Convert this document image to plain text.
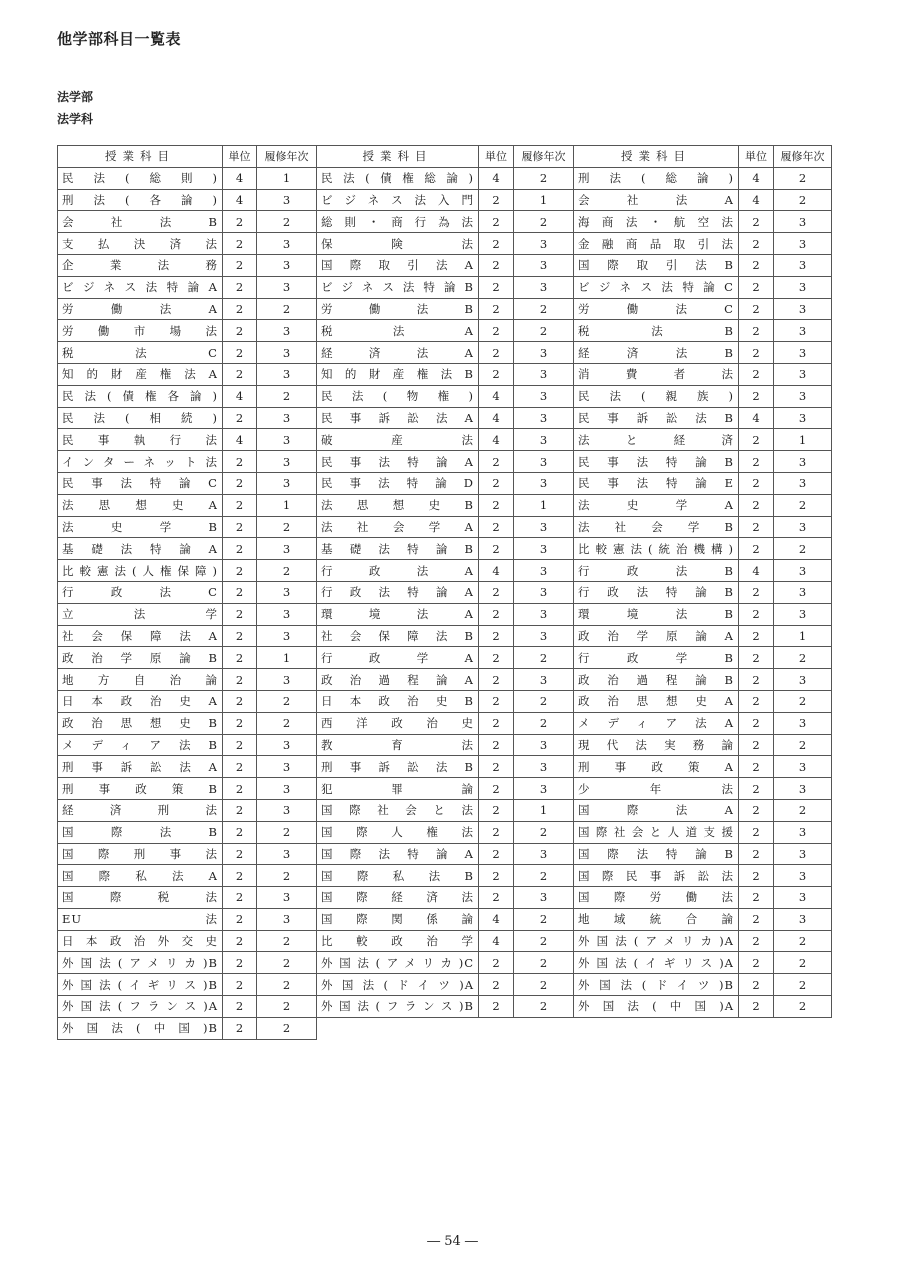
他学部科目一覧表
法学部
法学科
授業科目	単位	履修年次	授業科目	単位	履修年次	授業科目	単位	履修年次
民法(総則)	4	1	民法(債権総論)	4	2	刑法(総論)	4	2
刑法(各論)	4	3	ビジネス法入門	2	1	会社法A	4	2
会社法B	2	2	総則・商行為法	2	2	海商法・航空法	2	3
支払決済法	2	3	保険法	2	3	金融商品取引法	2	3
企業法務	2	3	国際取引法A	2	3	国際取引法B	2	3
ビジネス法特論A	2	3	ビジネス法特論B	2	3	ビジネス法特論C	2	3
労働法A	2	2	労働法B	2	2	労働法C	2	3
労働市場法	2	3	税法A	2	2	税法B	2	3
税法C	2	3	経済法A	2	3	経済法B	2	3
知的財産権法A	2	3	知的財産権法B	2	3	消費者法	2	3
民法(債権各論)	4	2	民法(物権)	4	3	民法(親族)	2	3
民法(相続)	2	3	民事訴訟法A	4	3	民事訴訟法B	4	3
民事執行法	4	3	破産法	4	3	法と経済	2	1
インターネット法	2	3	民事法特論A	2	3	民事法特論B	2	3
民事法特論C	2	3	民事法特論D	2	3	民事法特論E	2	3
法思想史A	2	1	法思想史B	2	1	法史学A	2	2
法史学B	2	2	法社会学A	2	3	法社会学B	2	3
基礎法特論A	2	3	基礎法特論B	2	3	比較憲法(統治機構)	2	2
比較憲法(人権保障)	2	2	行政法A	4	3	行政法B	4	3
行政法C	2	3	行政法特論A	2	3	行政法特論B	2	3
立法学	2	3	環境法A	2	3	環境法B	2	3
社会保障法A	2	3	社会保障法B	2	3	政治学原論A	2	1
政治学原論B	2	1	行政学A	2	2	行政学B	2	2
地方自治論	2	3	政治過程論A	2	3	政治過程論B	2	3
日本政治史A	2	2	日本政治史B	2	2	政治思想史A	2	2
政治思想史B	2	2	西洋政治史	2	2	メディア法A	2	3
メディア法B	2	3	教育法	2	3	現代法実務論	2	2
刑事訴訟法A	2	3	刑事訴訟法B	2	3	刑事政策A	2	3
刑事政策B	2	3	犯罪論	2	3	少年法	2	3
経済刑法	2	3	国際社会と法	2	1	国際法A	2	2
国際法B	2	2	国際人権法	2	2	国際社会と人道支援	2	3
国際刑事法	2	3	国際法特論A	2	3	国際法特論B	2	3
国際私法A	2	2	国際私法B	2	2	国際民事訴訟法	2	3
国際税法	2	3	国際経済法	2	3	国際労働法	2	3
EU法	2	3	国際関係論	4	2	地域統合論	2	3
日本政治外交史	2	2	比較政治学	4	2	外国法(アメリカ)A	2	2
外国法(アメリカ)B	2	2	外国法(アメリカ)C	2	2	外国法(イギリス)A	2	2
外国法(イギリス)B	2	2	外国法(ドイツ)A	2	2	外国法(ドイツ)B	2	2
外国法(フランス)A	2	2	外国法(フランス)B	2	2	外国法(中国)A	2	2
外国法(中国)B	2	2						
― 54 ―
